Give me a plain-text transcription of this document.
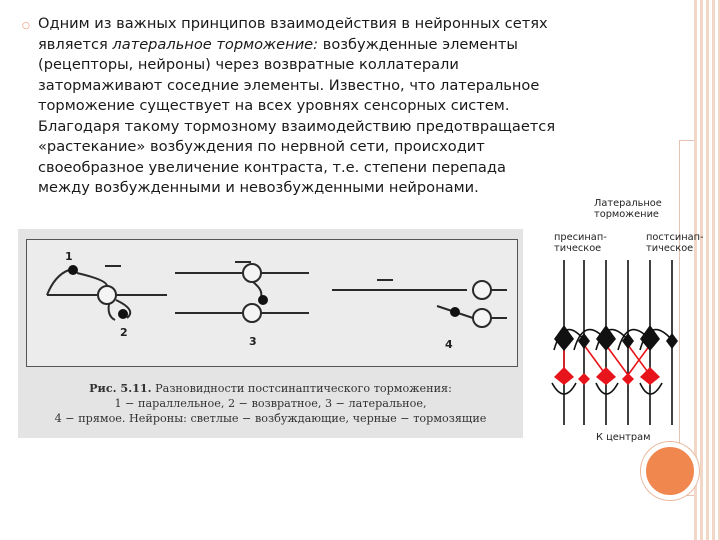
○ Одним из важных принципов взаимодействия в нейронных сетях
является латеральное торможение: возбужденные элементы
(рецепторы, нейроны) через возвратные коллатерали
затормаживают соседние элементы. Известно, что латеральное
торможение существует на всех уровнях сенсорных систем.
Благодаря такому тормозному взаимодействию предотвращается
«растекание» возбуждения по нервной сети, происходит
своеобразное увеличение контраста, т.е. степени перепада
между возбужденными и невозбужденными нейронами.

1
2
3	4
Рис. 5.11. Разновидности постсинаптического торможения:
1 − параллельное, 2 − возвратное, 3 − латеральное,
4 − прямое. Нейроны: светлые − возбуждающие, черные − тормозящие
Латеральное
торможение
пресинап-
тическое
постсинап-
тическое
К центрам
